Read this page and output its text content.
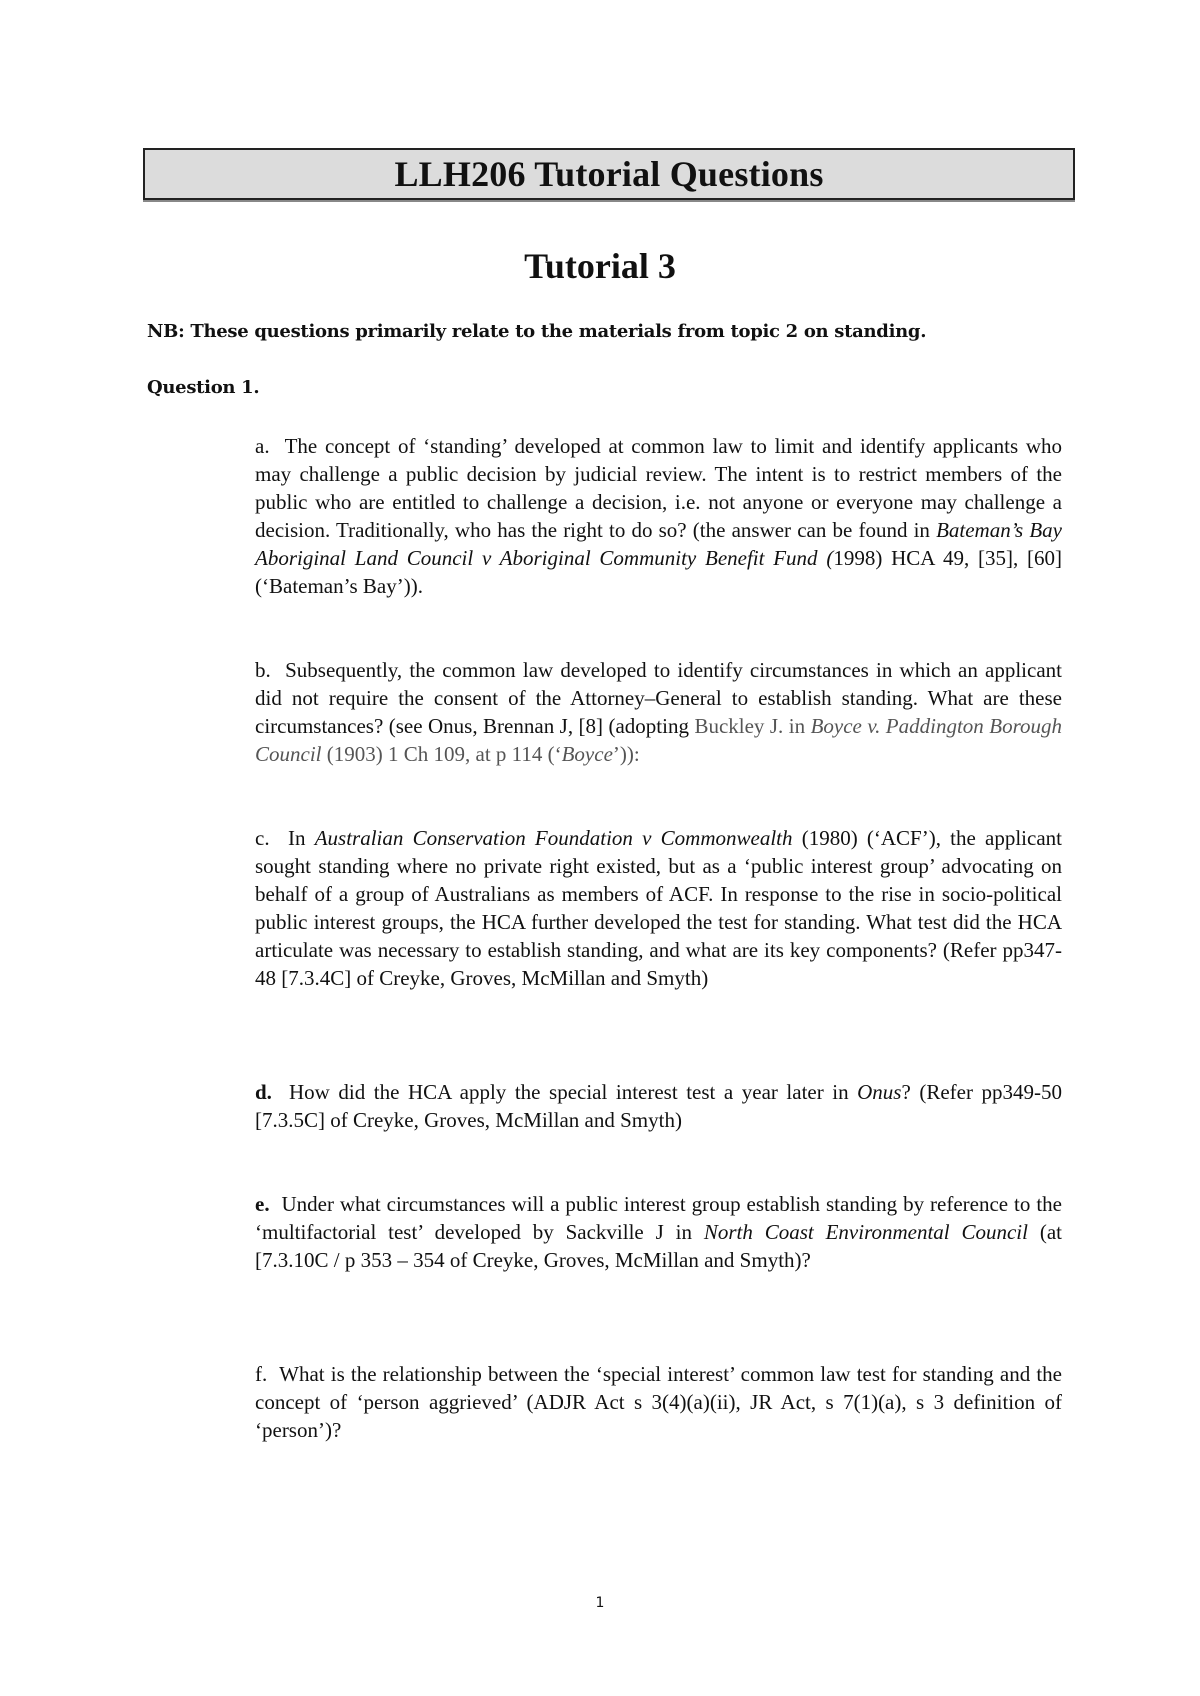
LLH206 Tutorial Questions
Tutorial 3

NB: These questions primarily relate to the materials from topic 2 on standing.

Question 1.

a. The concept of ‘standing’ developed at common law to limit and identify applicants who may challenge a public decision by judicial review. The intent is to restrict members of the public who are entitled to challenge a decision, i.e. not anyone or everyone may challenge a decision. Traditionally, who has the right to do so? (the answer can be found in Bateman’s Bay Aboriginal Land Council v Aboriginal Community Benefit Fund (1998) HCA 49, [35], [60] (‘Bateman’s Bay’)).

b. Subsequently, the common law developed to identify circumstances in which an applicant did not require the consent of the Attorney–General to establish standing. What are these circumstances? (see Onus, Brennan J, [8] (adopting Buckley J. in Boyce v. Paddington Borough Council (1903) 1 Ch 109, at p 114 (‘Boyce’)):

c. In Australian Conservation Foundation v Commonwealth (1980) (‘ACF’), the applicant sought standing where no private right existed, but as a ‘public interest group’ advocating on behalf of a group of Australians as members of ACF. In response to the rise in socio-political public interest groups, the HCA further developed the test for standing. What test did the HCA articulate was necessary to establish standing, and what are its key components? (Refer pp347-48 [7.3.4C] of Creyke, Groves, McMillan and Smyth)

d. How did the HCA apply the special interest test a year later in Onus? (Refer pp349-50 [7.3.5C] of Creyke, Groves, McMillan and Smyth)

e. Under what circumstances will a public interest group establish standing by reference to the ‘multifactorial test’ developed by Sackville J in North Coast Environmental Council (at [7.3.10C / p 353 – 354 of Creyke, Groves, McMillan and Smyth)?

f. What is the relationship between the ‘special interest’ common law test for standing and the concept of ‘person aggrieved’ (ADJR Act s 3(4)(a)(ii), JR Act, s 7(1)(a), s 3 definition of ‘person’)?

1
